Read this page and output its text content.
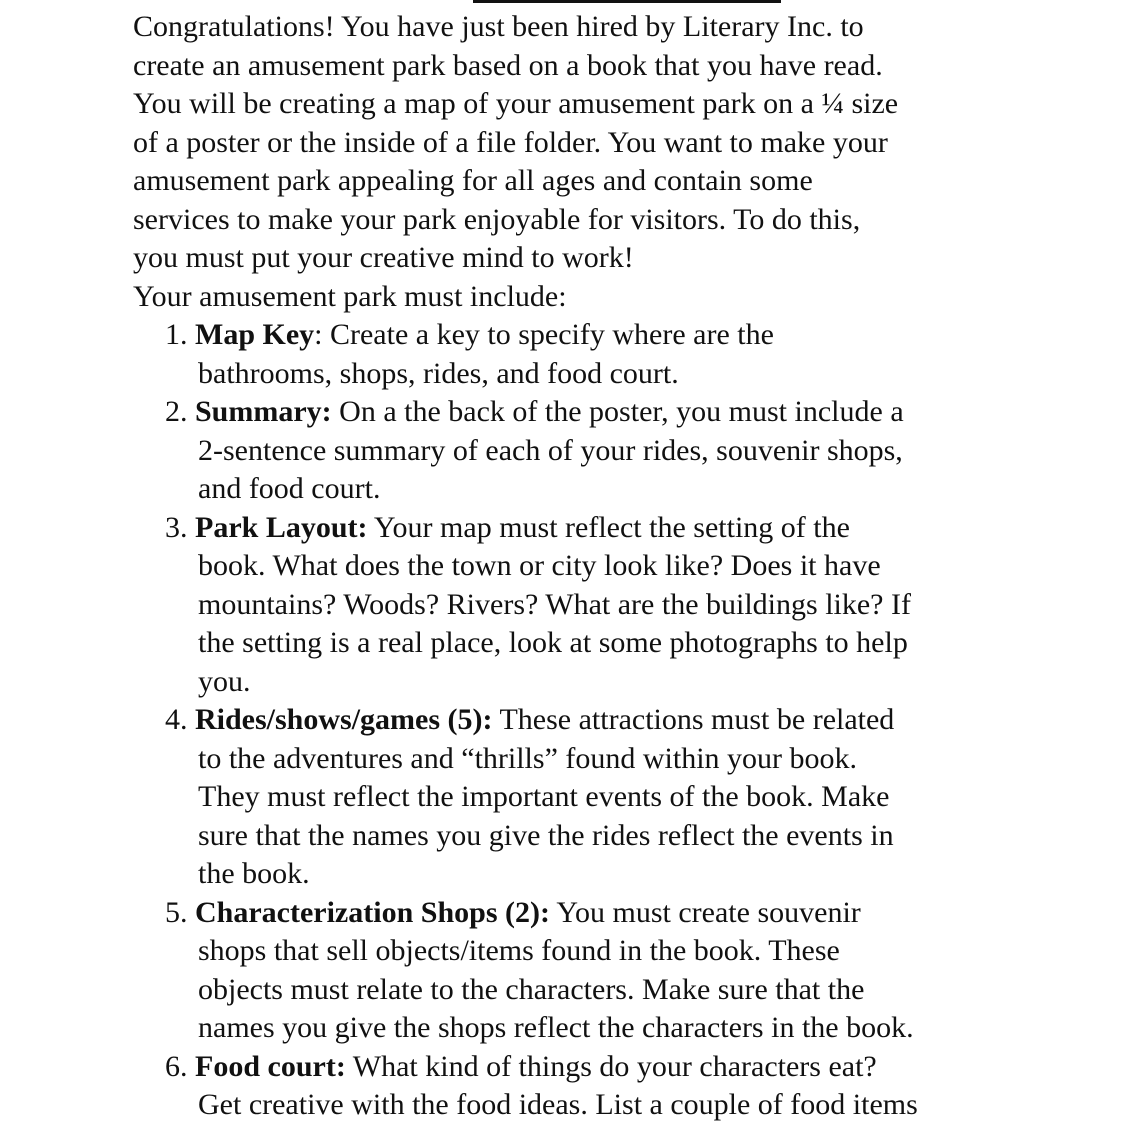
Congratulations! You have just been hired by Literary Inc. to
create an amusement park based on a book that you have read.
You will be creating a map of your amusement park on a ¼ size
of a poster or the inside of a file folder. You want to make your
amusement park appealing for all ages and contain some
services to make your park enjoyable for visitors. To do this,
you must put your creative mind to work!
Your amusement park must include:
1. Map Key: Create a key to specify where are the
bathrooms, shops, rides, and food court.
2. Summary: On a the back of the poster, you must include a
2-sentence summary of each of your rides, souvenir shops,
and food court.
3. Park Layout: Your map must reflect the setting of the
book. What does the town or city look like? Does it have
mountains? Woods? Rivers? What are the buildings like? If
the setting is a real place, look at some photographs to help
you.
4. Rides/shows/games (5): These attractions must be related
to the adventures and “thrills” found within your book.
They must reflect the important events of the book. Make
sure that the names you give the rides reflect the events in
the book.
5. Characterization Shops (2): You must create souvenir
shops that sell objects/items found in the book. These
objects must relate to the characters. Make sure that the
names you give the shops reflect the characters in the book.
6. Food court: What kind of things do your characters eat?
Get creative with the food ideas. List a couple of food items
